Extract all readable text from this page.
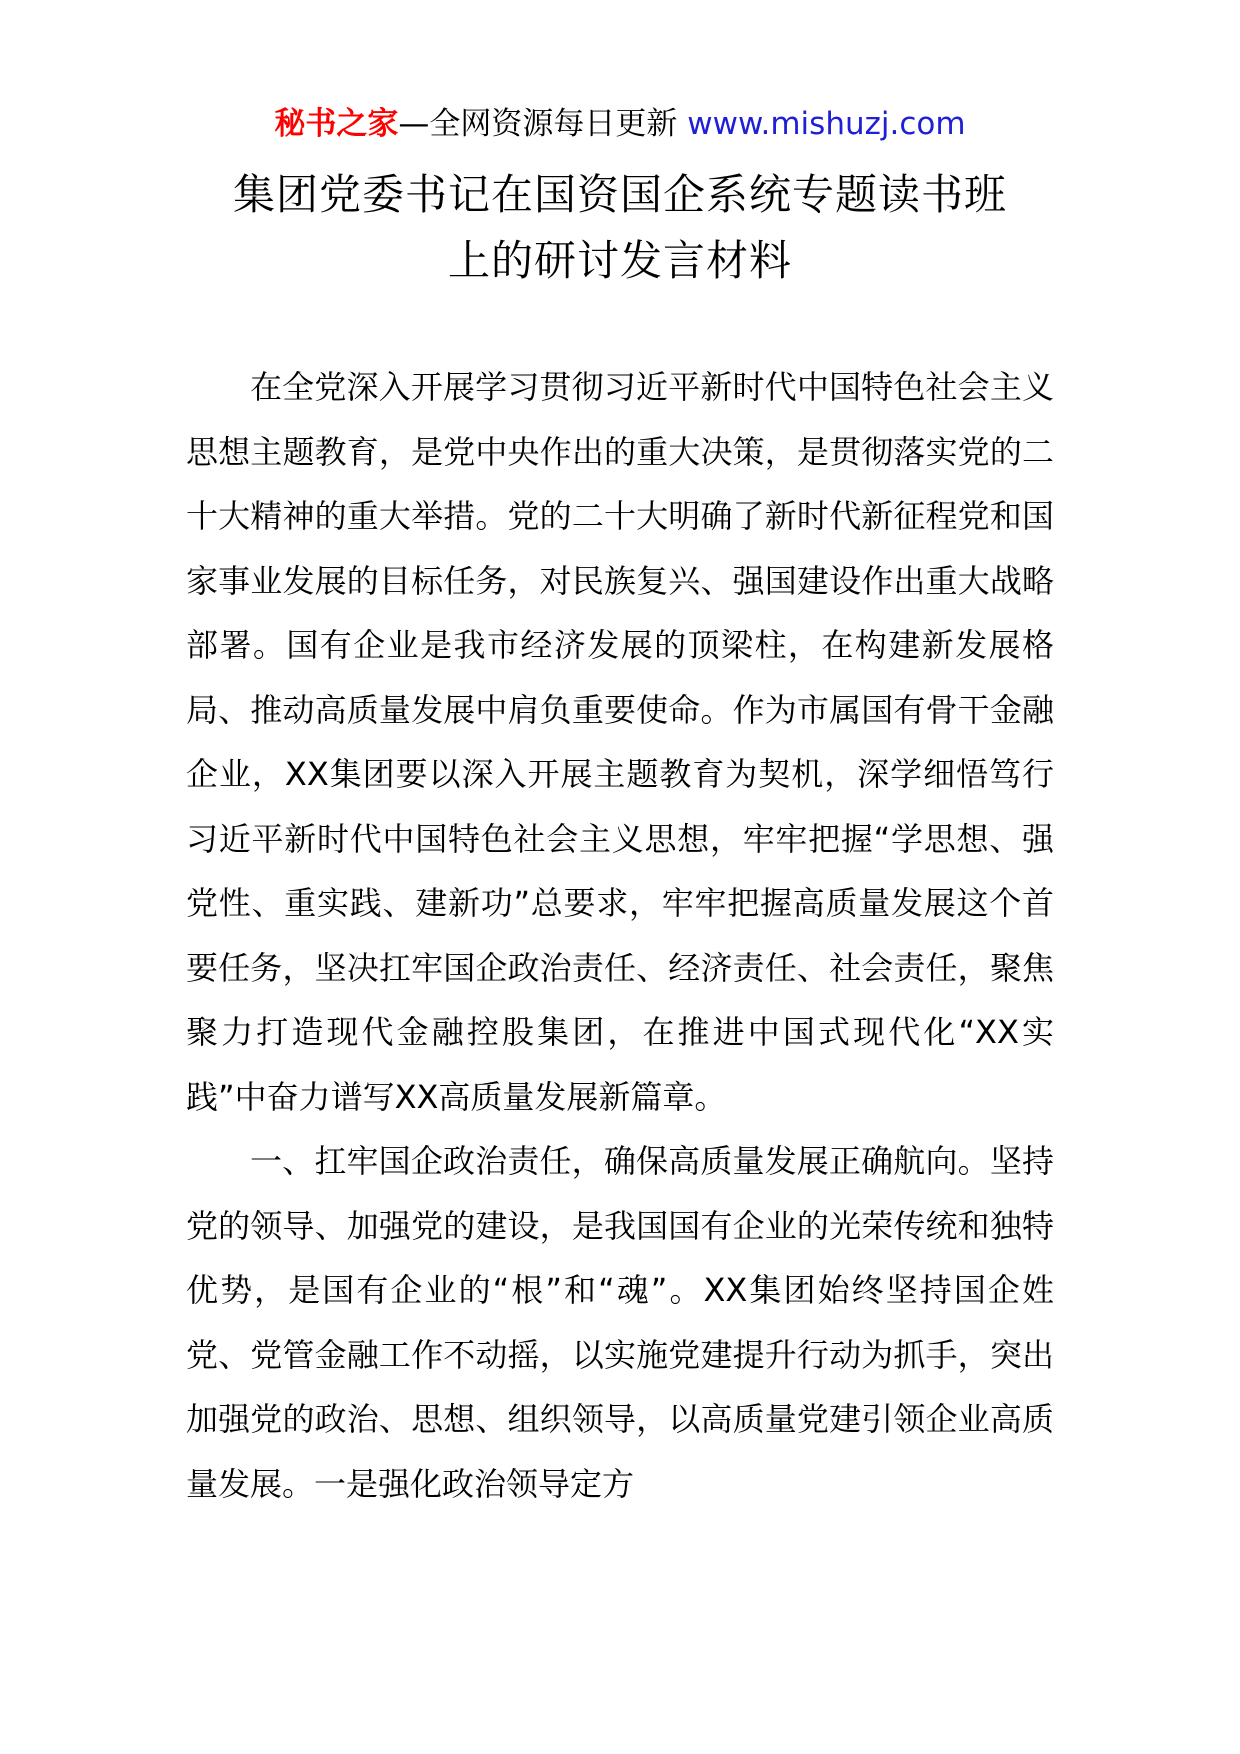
秘书之家—全网资源每日更新 www.mishuzj.com
集团党委书记在国资国企系统专题读书班
上的研讨发言材料

在全党深入开展学习贯彻习近平新时代中国特色社会主义思想主题教育，是党中央作出的重大决策，是贯彻落实党的二十大精神的重大举措。党的二十大明确了新时代新征程党和国家事业发展的目标任务，对民族复兴、强国建设作出重大战略部署。国有企业是我市经济发展的顶梁柱，在构建新发展格局、推动高质量发展中肩负重要使命。作为市属国有骨干金融企业，XX集团要以深入开展主题教育为契机，深学细悟笃行习近平新时代中国特色社会主义思想，牢牢把握“学思想、强党性、重实践、建新功”总要求，牢牢把握高质量发展这个首要任务，坚决扛牢国企政治责任、经济责任、社会责任，聚焦聚力打造现代金融控股集团，在推进中国式现代化“XX实践”中奋力谱写XX高质量发展新篇章。

一、扛牢国企政治责任，确保高质量发展正确航向。坚持党的领导、加强党的建设，是我国国有企业的光荣传统和独特优势，是国有企业的“根”和“魂”。XX集团始终坚持国企姓党、党管金融工作不动摇，以实施党建提升行动为抓手，突出加强党的政治、思想、组织领导，以高质量党建引领企业高质量发展。一是强化政治领导定方
